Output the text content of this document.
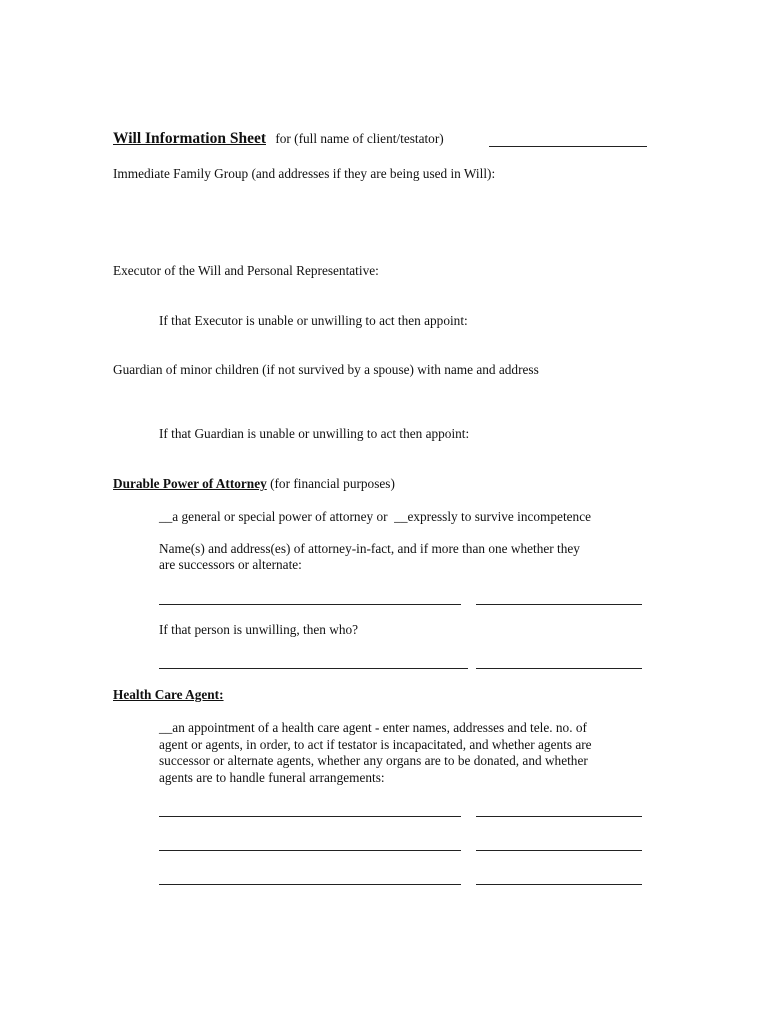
Will Information Sheet for (full name of client/testator)
Immediate Family Group (and addresses if they are being used in Will):
Executor of the Will and Personal Representative:
If that Executor is unable or unwilling to act then appoint:
Guardian of minor children (if not survived by a spouse) with name and address
If that Guardian is unable or unwilling to act then appoint:
Durable Power of Attorney (for financial purposes)
__a general or special power of attorney or  __expressly to survive incompetence
Name(s) and address(es) of attorney-in-fact, and if more than one whether they
are successors or alternate:
If that person is unwilling, then who?
Health Care Agent:
__an appointment of a health care agent - enter names, addresses and tele. no. of
agent or agents, in order, to act if testator is incapacitated, and whether agents are
successor or alternate agents, whether any organs are to be donated, and whether
agents are to handle funeral arrangements:
